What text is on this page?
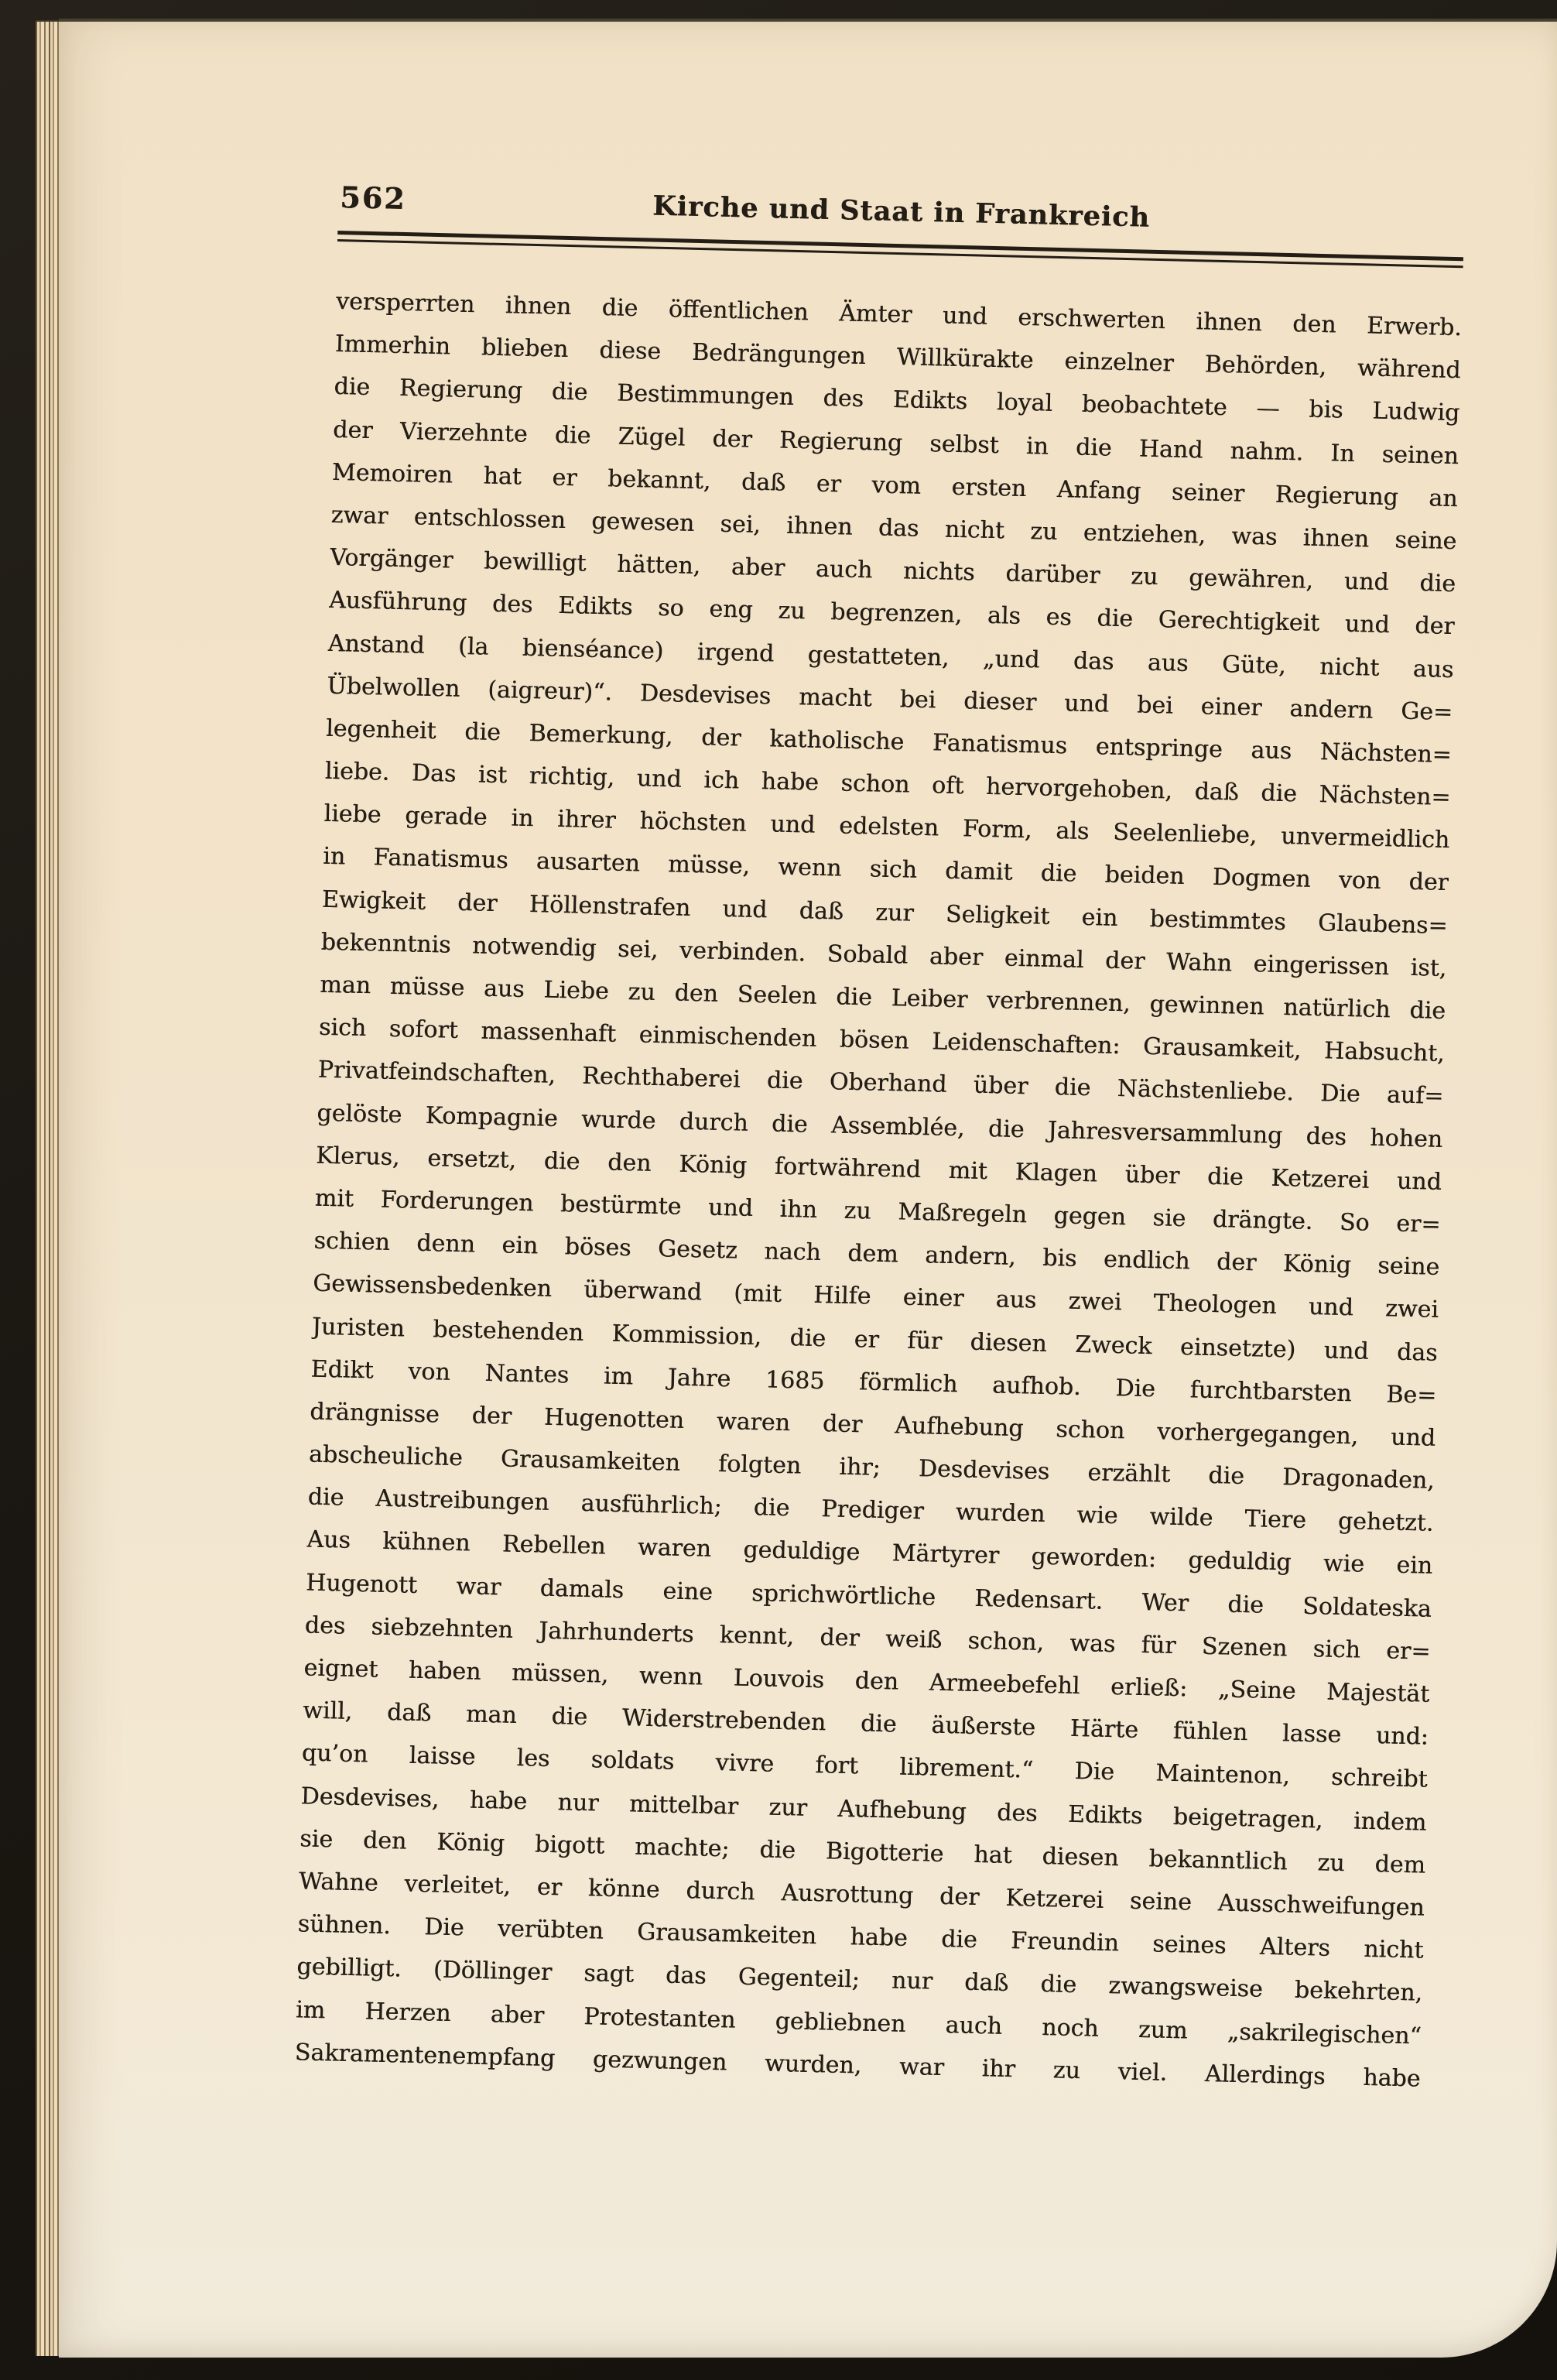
562	Kirche und Staat in Frankreich
versperrten ihnen die öffentlichen Ämter und erschwerten ihnen den Erwerb.
Immerhin blieben diese Bedrängungen Willkürakte einzelner Behörden, während
die Regierung die Bestimmungen des Edikts loyal beobachtete — bis Ludwig
der Vierzehnte die Zügel der Regierung selbst in die Hand nahm. In seinen
Memoiren hat er bekannt, daß er vom ersten Anfang seiner Regierung an
zwar entschlossen gewesen sei, ihnen das nicht zu entziehen, was ihnen seine
Vorgänger bewilligt hätten, aber auch nichts darüber zu gewähren, und die
Ausführung des Edikts so eng zu begrenzen, als es die Gerechtigkeit und der
Anstand (la bienséance) irgend gestatteten, „und das aus Güte, nicht aus
Übelwollen (aigreur)“. Desdevises macht bei dieser und bei einer andern Ge=
legenheit die Bemerkung, der katholische Fanatismus entspringe aus Nächsten=
liebe. Das ist richtig, und ich habe schon oft hervorgehoben, daß die Nächsten=
liebe gerade in ihrer höchsten und edelsten Form, als Seelenliebe, unvermeidlich
in Fanatismus ausarten müsse, wenn sich damit die beiden Dogmen von der
Ewigkeit der Höllenstrafen und daß zur Seligkeit ein bestimmtes Glaubens=
bekenntnis notwendig sei, verbinden. Sobald aber einmal der Wahn eingerissen ist,
man müsse aus Liebe zu den Seelen die Leiber verbrennen, gewinnen natürlich die
sich sofort massenhaft einmischenden bösen Leidenschaften: Grausamkeit, Habsucht,
Privatfeindschaften, Rechthaberei die Oberhand über die Nächstenliebe. Die auf=
gelöste Kompagnie wurde durch die Assemblée, die Jahresversammlung des hohen
Klerus, ersetzt, die den König fortwährend mit Klagen über die Ketzerei und
mit Forderungen bestürmte und ihn zu Maßregeln gegen sie drängte. So er=
schien denn ein böses Gesetz nach dem andern, bis endlich der König seine
Gewissensbedenken überwand (mit Hilfe einer aus zwei Theologen und zwei
Juristen bestehenden Kommission, die er für diesen Zweck einsetzte) und das
Edikt von Nantes im Jahre 1685 förmlich aufhob. Die furchtbarsten Be=
drängnisse der Hugenotten waren der Aufhebung schon vorhergegangen, und
abscheuliche Grausamkeiten folgten ihr; Desdevises erzählt die Dragonaden,
die Austreibungen ausführlich; die Prediger wurden wie wilde Tiere gehetzt.
Aus kühnen Rebellen waren geduldige Märtyrer geworden: geduldig wie ein
Hugenott war damals eine sprichwörtliche Redensart. Wer die Soldateska
des siebzehnten Jahrhunderts kennt, der weiß schon, was für Szenen sich er=
eignet haben müssen, wenn Louvois den Armeebefehl erließ: „Seine Majestät
will, daß man die Widerstrebenden die äußerste Härte fühlen lasse und:
qu’on laisse les soldats vivre fort librement.“ Die Maintenon, schreibt
Desdevises, habe nur mittelbar zur Aufhebung des Edikts beigetragen, indem
sie den König bigott machte; die Bigotterie hat diesen bekanntlich zu dem
Wahne verleitet, er könne durch Ausrottung der Ketzerei seine Ausschweifungen
sühnen. Die verübten Grausamkeiten habe die Freundin seines Alters nicht
gebilligt. (Döllinger sagt das Gegenteil; nur daß die zwangsweise bekehrten,
im Herzen aber Protestanten gebliebnen auch noch zum „sakrilegischen“
Sakramentenempfang gezwungen wurden, war ihr zu viel. Allerdings habe
